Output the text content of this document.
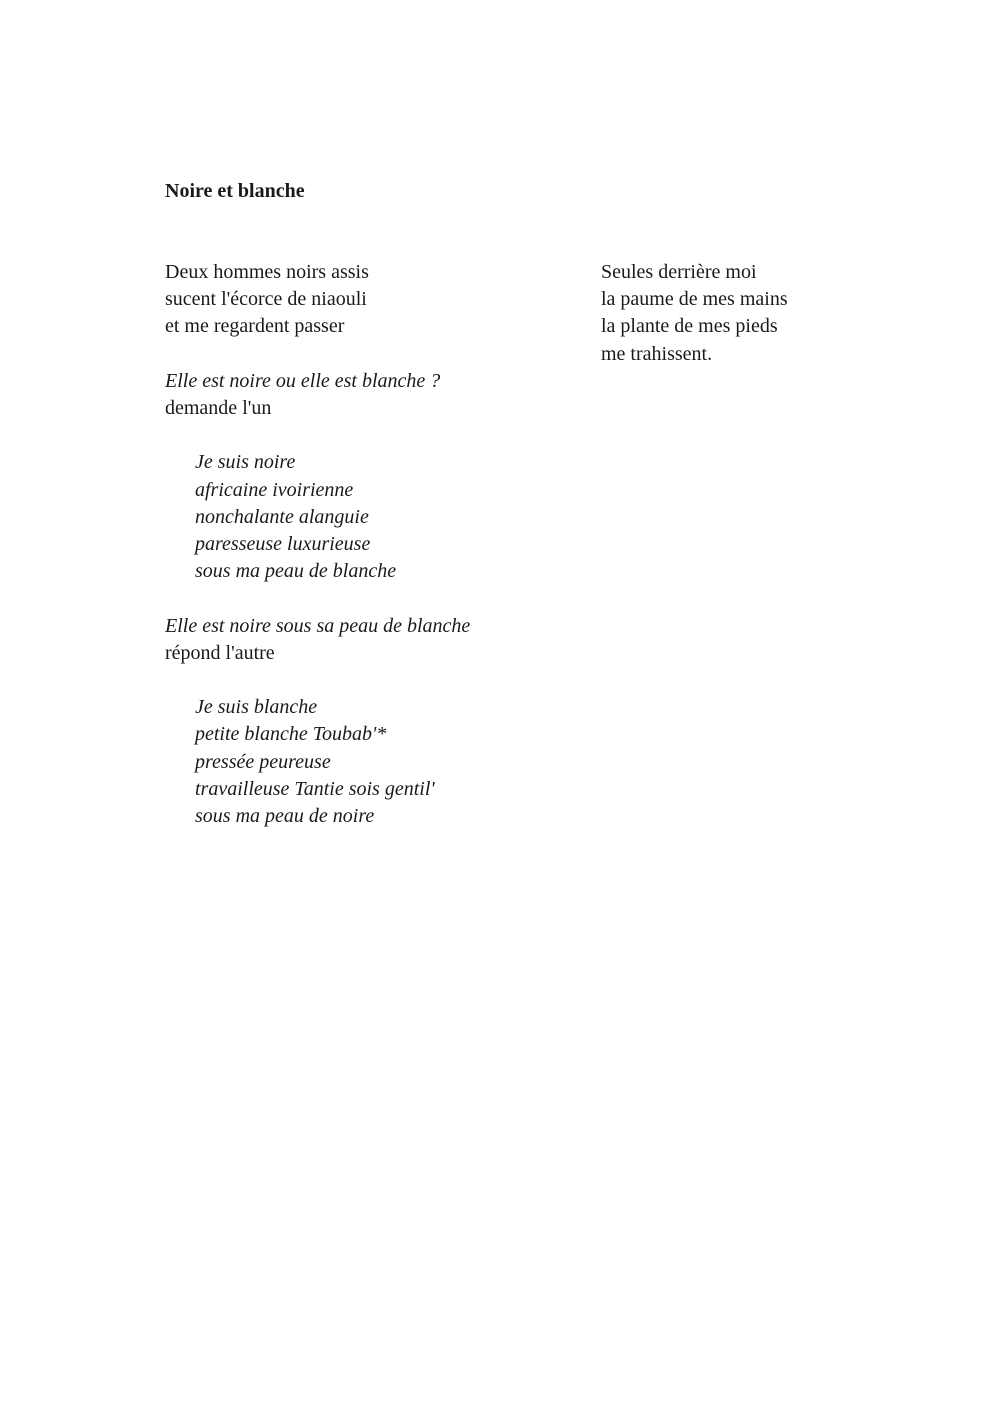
Noire et blanche
Deux hommes noirs assis
sucent l'écorce de niaouli
et me regardent passer
Elle est noire ou elle est blanche ?
demande l'un
Je suis noire
africaine ivoirienne
nonchalante alanguie
paresseuse luxurieuse
sous ma peau de blanche
Elle est noire sous sa peau de blanche
répond l'autre
Je suis blanche
petite blanche Toubab'*
pressée peureuse
travailleuse Tantie sois gentil'
sous ma peau de noire
Seules derrière moi
la paume de mes mains
la plante de mes pieds
me trahissent.
